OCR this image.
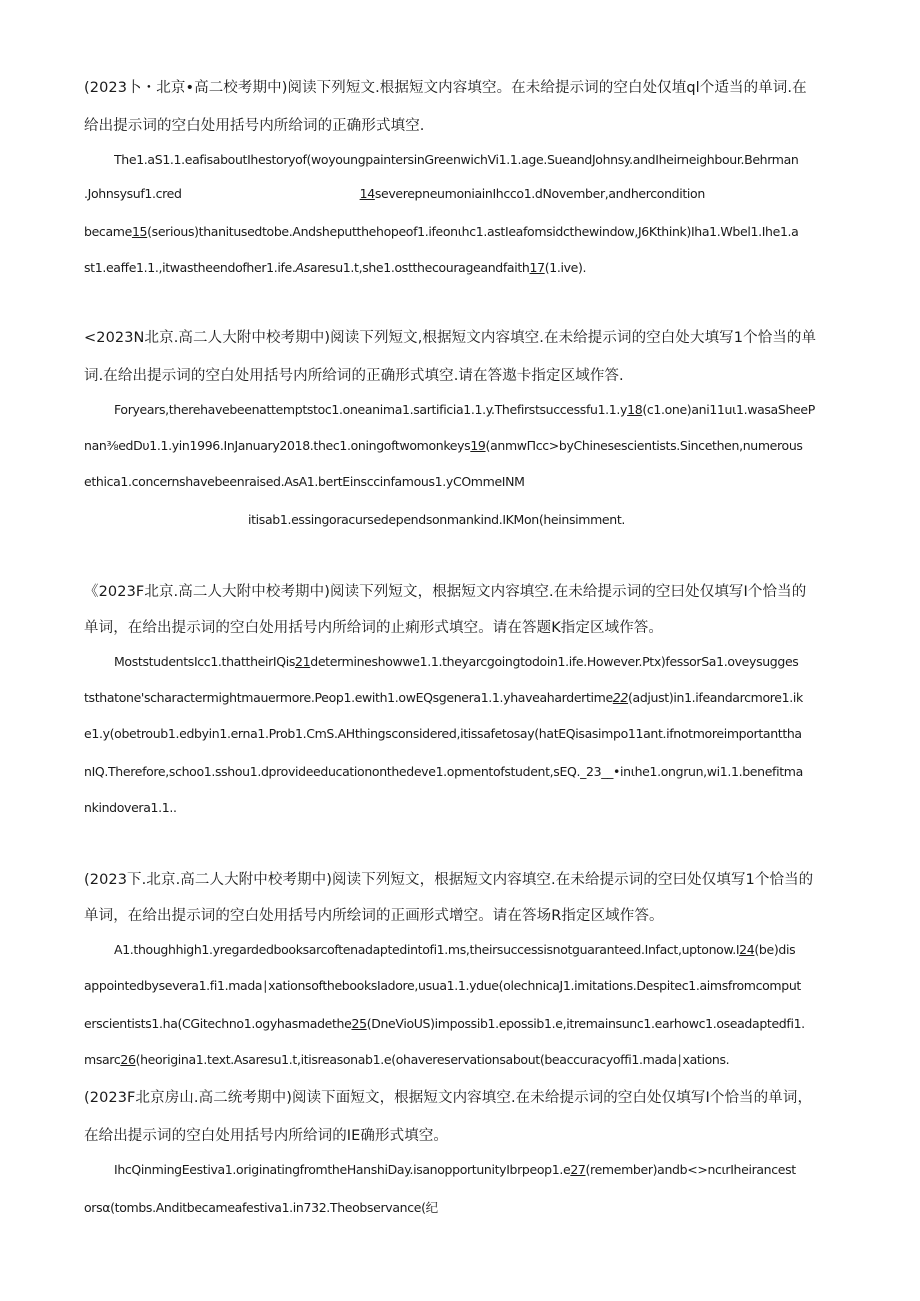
(2023卜・北京•高二校考期中)阅读下列短文.根据短文内容填空。在未给提示词的空白处仅埴ql个适当的单词.在
给出提示词的空白处用括号内所给词的正确形式填空.
The1.aS1.1.eafisaboutIhestoryof(woyoungpaintersinGreenwichVi1.1.age.SueandJohnsy.andIheirneighbour.Behrman
.Johnsysuf1.cred	14severepneumoniainIhcco1.dNovember,andhercondition
became15(serious)thanitusedtobe.Andsheputthehopeof1.ifeonιhc1.astIeafomsidcthewindow,J6Kthink)Iha1.Wbel1.Ihe1.a
st1.eaffe1.1.,itwastheendofher1.ife.Asaresu1.t,she1.ostthecourageandfaith17(1.ive).
<2023N北京.高二人大附中校考期中)阅读下列短文,根据短文内容填空.在未给提示词的空白处大填写1个恰当的单
词.在给出提示词的空白处用括号内所给词的正确形式填空.请在答遨卡指定区域作答.
Foryears,therehavebeenattemptstoc1.oneanima1.sartificia1.1.y.Thefirstsuccessfu1.1.y18(c1.one)ani11uι1.wasaSheeP
nan⅜edDυ1.1.yin1996.InJanuary2018.thec1.oningoftwomonkeys19(anmwΠcc>byChinesescientists.Sincethen,numerous
ethica1.concernshavebeenraised.AsA1.bertEinsccinfamous1.yCOmmeINM
itisab1.essingoracursedependsonmankind.IKMon(heinsimment.
《2023F北京.高二人大附中校考期中)阅读下列短文，根据短文内容填空.在未给提示词的空曰处仅填写I个恰当的
单词，在给出提示词的空白处用括号内所给词的止痢形式填空。请在答题K指定区域作答。
MoststudentsIcc1.thattheirIQis21determineshowwe1.1.theyarcgoingtodoin1.ife.However.Ptx)fessorSa1.oveysugges
tsthatone'scharactermightmauermore.Peop1.ewith1.owEQsgenera1.1.yhaveahardertime22(adjust)in1.ifeandarcmore1.ik
e1.y(obetroub1.edbyin1.erna1.Prob1.CmS.AHthingsconsidered,itissafetosay(hatEQisasimpo11ant.ifnotmoreimportanttha
nIQ.Therefore,schoo1.sshou1.dprovideeducationonthedeve1.opmentofstudent,sEQ._23__•inιhe1.ongrun,wi1.1.benefitma
nkindovera1.1..
(2023下.北京.高二人大附中校考期中)阅读下列短文，根据短文内容填空.在未给提示词的空曰处仅填写1个恰当的
单词，在给出提示词的空白处用括号内所绘词的正画形式增空。请在答场R指定区域作答。
A1.thoughhigh1.yregardedbooksarcoftenadaptedintofi1.ms,theirsuccessisnotguaranteed.Infact,uptonow.I24(be)dis
appointedbysevera1.fi1.mada∣xationsofthebooksIadore,usua1.1.ydue(olechnicaJ1.imitations.Despitec1.aimsfromcomput
erscientists1.ha(CGitechno1.ogyhasmadethe25(DneVioUS)impossib1.epossib1.e,itremainsunc1.earhowc1.oseadaptedfi1.
msarc26(heorigina1.text.Asaresu1.t,itisreasonab1.e(ohavereservationsabout(beaccuracyoffi1.mada∣xations.
(2023F北京房山.高二统考期中)阅读下面短文，根据短文内容填空.在未给提示词的空白处仅填写I个恰当的单词，
在给出提示词的空白处用括号内所给词的IE确形式填空。
IhcQinmingEestiva1.originatingfromtheHanshiDay.isanopportunityIbrpeop1.e27(remember)andb<>ncιrIheirancest
orsα(tombs.Anditbecameafestiva1.in732.Theobservance(纪
